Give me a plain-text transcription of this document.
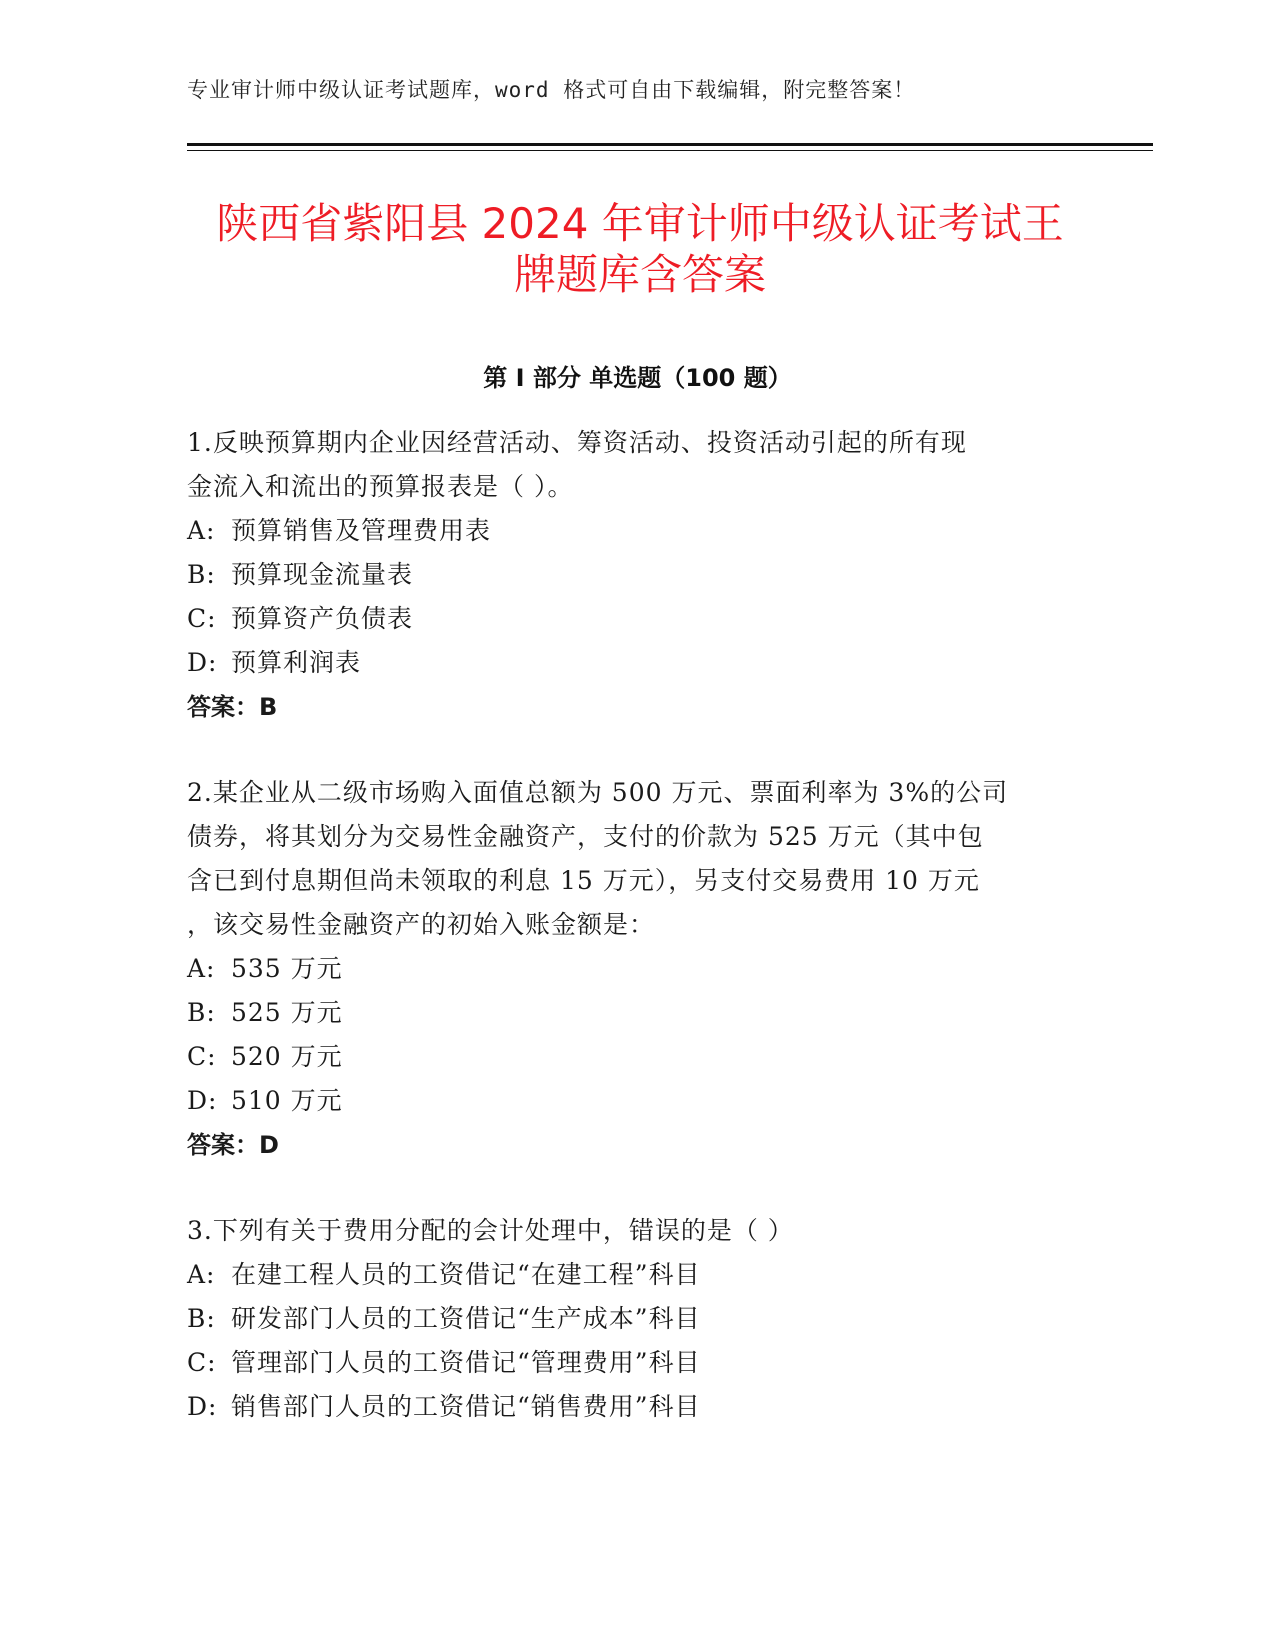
专业审计师中级认证考试题库，word 格式可自由下载编辑，附完整答案！
陕西省紫阳县 2024 年审计师中级认证考试王
牌题库含答案
第 I 部分 单选题（100 题）
1.反映预算期内企业因经营活动、筹资活动、投资活动引起的所有现
金流入和流出的预算报表是（ ）。
A: 预算销售及管理费用表
B: 预算现金流量表
C: 预算资产负债表
D: 预算利润表
答案：B
2.某企业从二级市场购入面值总额为 500 万元、票面利率为 3%的公司
债券，将其划分为交易性金融资产，支付的价款为 525 万元（其中包
含已到付息期但尚未领取的利息 15 万元），另支付交易费用 10 万元
，该交易性金融资产的初始入账金额是：
A: 535 万元
B: 525 万元
C: 520 万元
D: 510 万元
答案：D
3.下列有关于费用分配的会计处理中，错误的是（ ）
A: 在建工程人员的工资借记“在建工程”科目
B: 研发部门人员的工资借记“生产成本”科目
C: 管理部门人员的工资借记“管理费用”科目
D: 销售部门人员的工资借记“销售费用”科目
